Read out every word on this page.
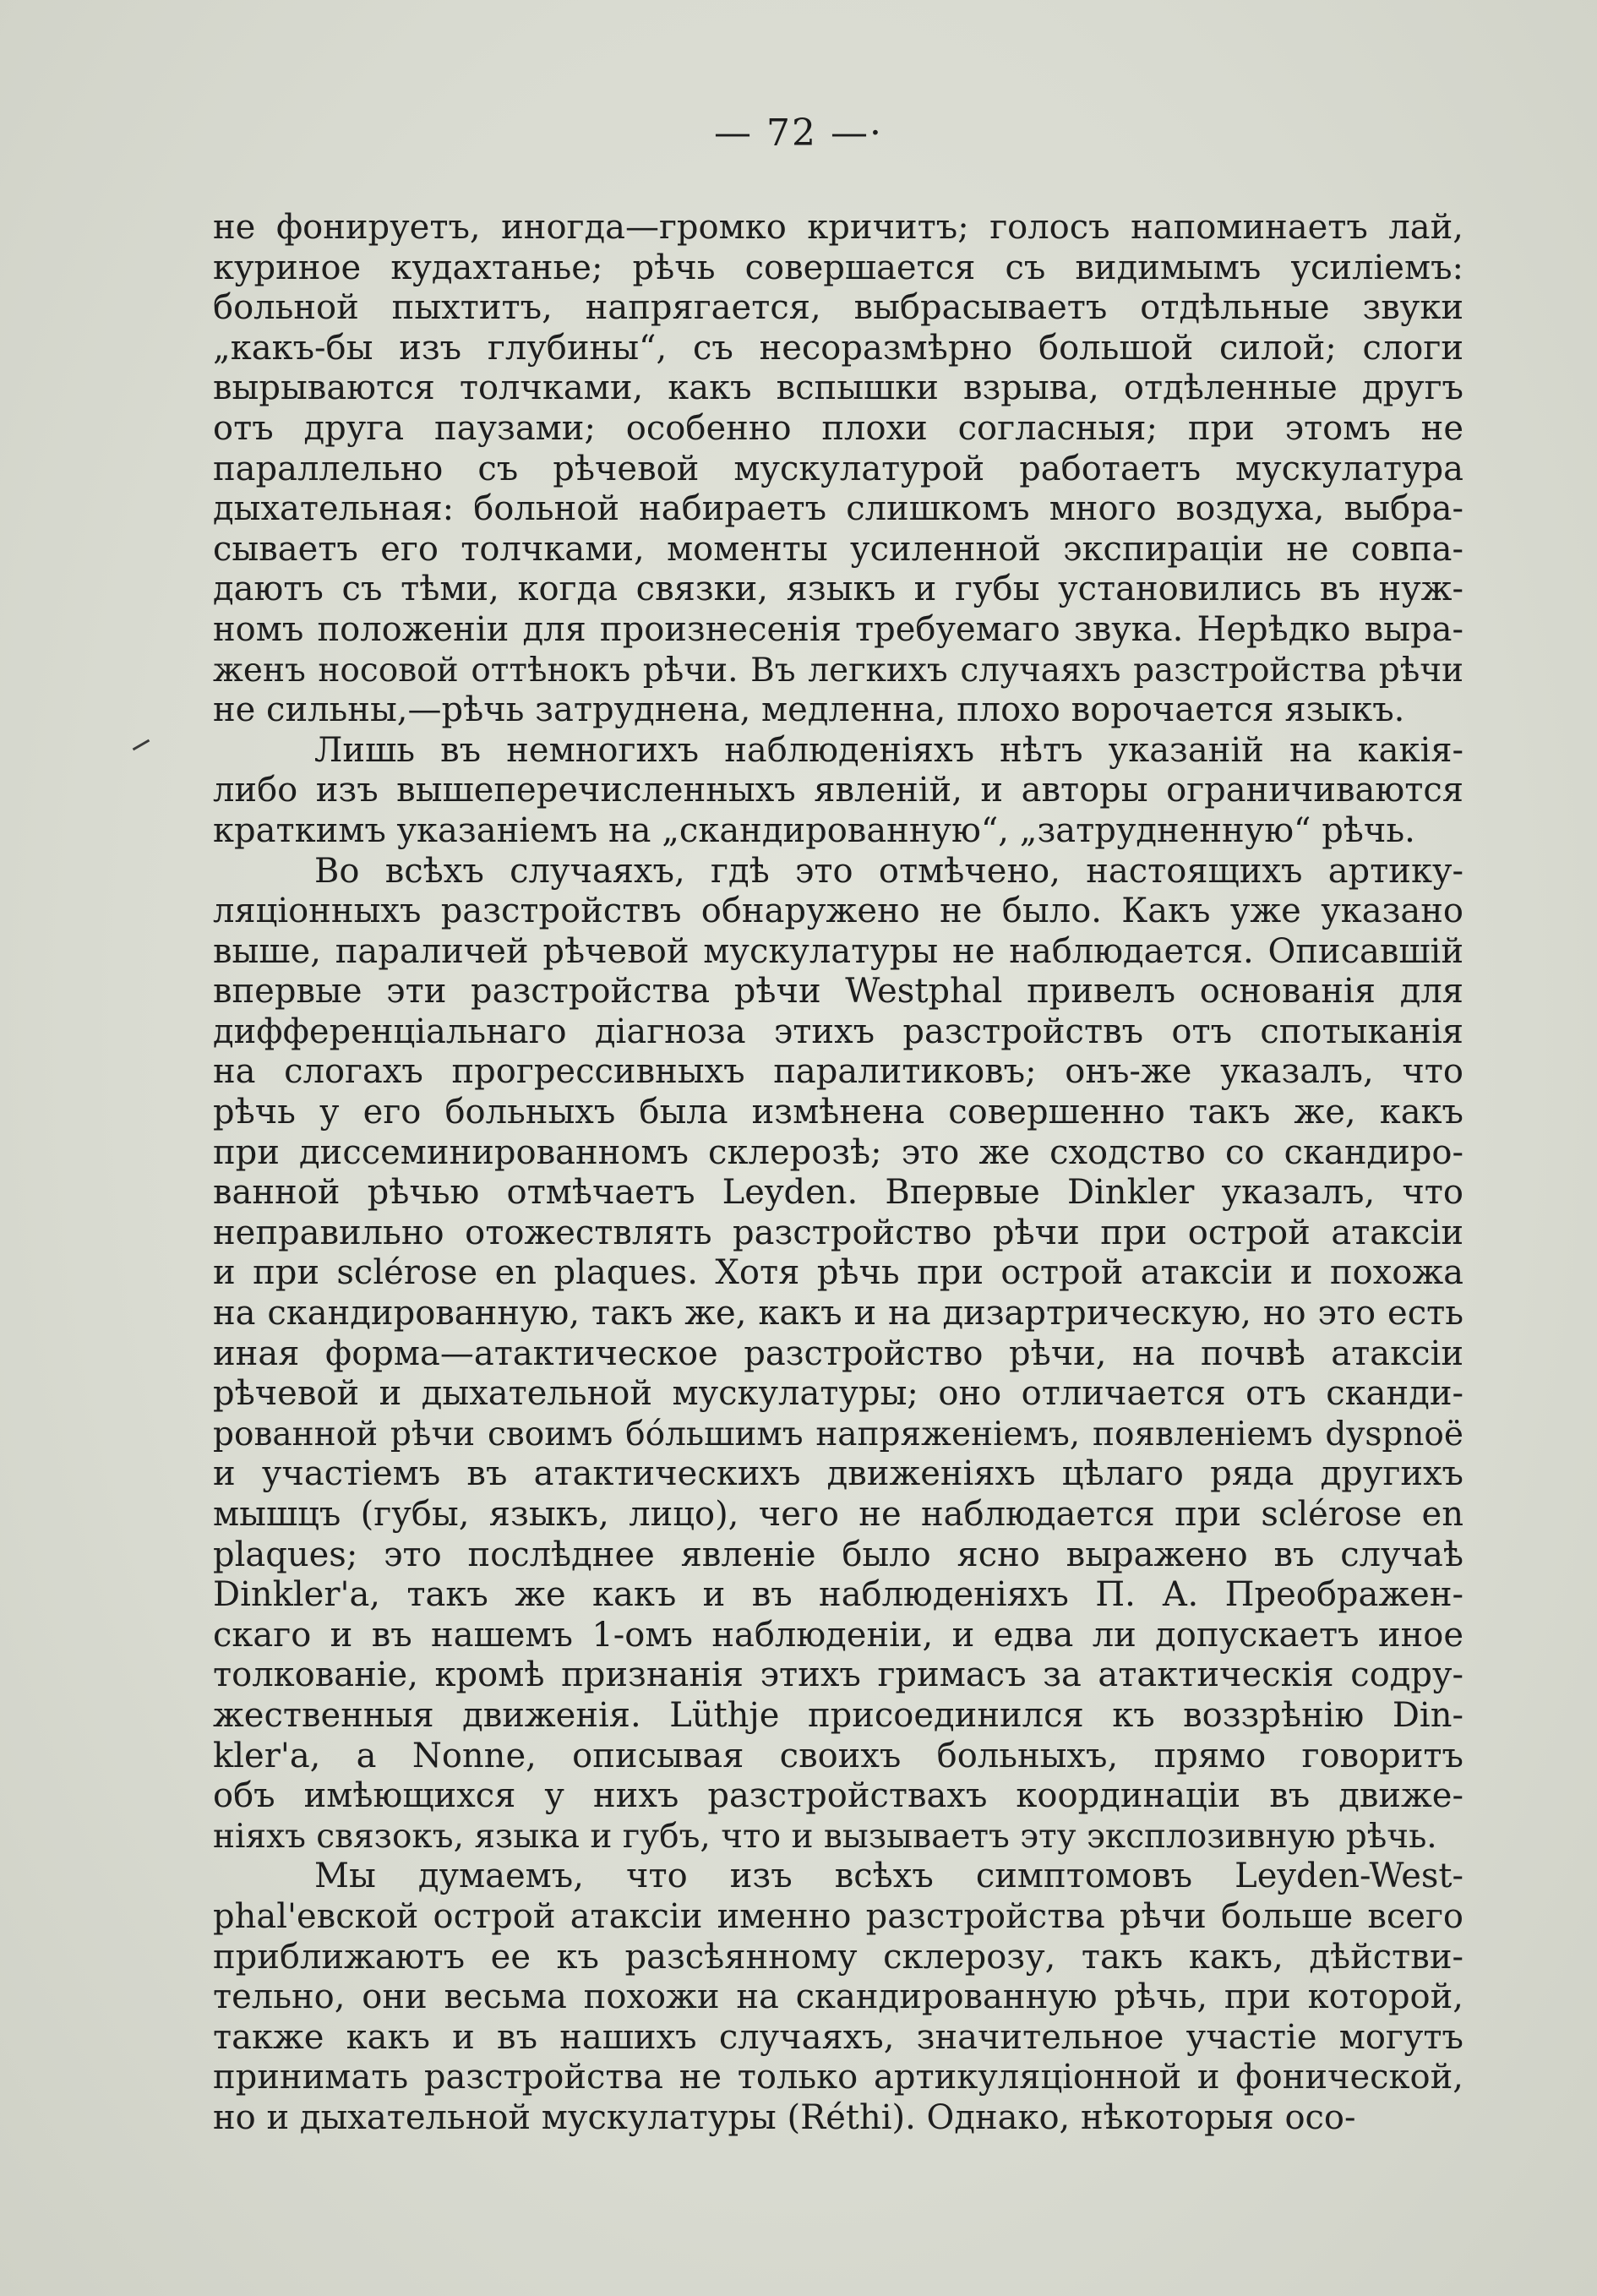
— 72 —·
не фонируетъ, иногда—громко кричитъ; голосъ напоминаетъ лай,
куриное кудахтанье; рѣчь совершается съ видимымъ усиліемъ:
больной пыхтитъ, напрягается, выбрасываетъ отдѣльные звуки
„какъ-бы изъ глубины“, съ несоразмѣрно большой силой; слоги
вырываются толчками, какъ вспышки взрыва, отдѣленные другъ
отъ друга паузами; особенно плохи согласныя; при этомъ не
параллельно съ рѣчевой мускулатурой работаетъ мускулатура
дыхательная: больной набираетъ слишкомъ много воздуха, выбра-
сываетъ его толчками, моменты усиленной экспираціи не совпа-
даютъ съ тѣми, когда связки, языкъ и губы установились въ нуж-
номъ положеніи для произнесенія требуемаго звука. Нерѣдко выра-
женъ носовой оттѣнокъ рѣчи. Въ легкихъ случаяхъ разстройства рѣчи
не сильны,—рѣчь затруднена, медленна, плохо ворочается языкъ.
Лишь въ немногихъ наблюденіяхъ нѣтъ указаній на какія-
либо изъ вышеперечисленныхъ явленій, и авторы ограничиваются
краткимъ указаніемъ на „скандированную“, „затрудненную“ рѣчь.
Во всѣхъ случаяхъ, гдѣ это отмѣчено, настоящихъ артику-
ляціонныхъ разстройствъ обнаружено не было. Какъ уже указано
выше, параличей рѣчевой мускулатуры не наблюдается. Описавшій
впервые эти разстройства рѣчи Westphal привелъ основанія для
дифференціальнаго діагноза этихъ разстройствъ отъ спотыканія
на слогахъ прогрессивныхъ паралитиковъ; онъ-же указалъ, что
рѣчь у его больныхъ была измѣнена совершенно такъ же, какъ
при диссеминированномъ склерозѣ; это же сходство со скандиро-
ванной рѣчью отмѣчаетъ Leyden. Впервые Dinkler указалъ, что
неправильно отожествлять разстройство рѣчи при острой атаксіи
и при sclérose en plaques. Хотя рѣчь при острой атаксіи и похожа
на скандированную, такъ же, какъ и на дизартрическую, но это есть
иная форма—атактическое разстройство рѣчи, на почвѣ атаксіи
рѣчевой и дыхательной мускулатуры; оно отличается отъ сканди-
рованной рѣчи своимъ бо́льшимъ напряженіемъ, появленіемъ dyspnoë
и участіемъ въ атактическихъ движеніяхъ цѣлаго ряда другихъ
мышцъ (губы, языкъ, лицо), чего не наблюдается при sclérose en
plaques; это послѣднее явленіе было ясно выражено въ случаѣ
Dinkler'а, такъ же какъ и въ наблюденіяхъ П. А. Преображен-
скаго и въ нашемъ 1-омъ наблюденіи, и едва ли допускаетъ иное
толкованіе, кромѣ признанія этихъ гримасъ за атактическія содру-
жественныя движенія. Lüthje присоединился къ воззрѣнію Din-
kler'а, а Nonne, описывая своихъ больныхъ, прямо говоритъ
объ имѣющихся у нихъ разстройствахъ координаціи въ движе-
ніяхъ связокъ, языка и губъ, что и вызываетъ эту эксплозивную рѣчь.
Мы думаемъ, что изъ всѣхъ симптомовъ Leyden-West-
phal'евской острой атаксіи именно разстройства рѣчи больше всего
приближаютъ ее къ разсѣянному склерозу, такъ какъ, дѣйстви-
тельно, они весьма похожи на скандированную рѣчь, при которой,
также какъ и въ нашихъ случаяхъ, значительное участіе могутъ
принимать разстройства не только артикуляціонной и фонической,
но и дыхательной мускулатуры (Réthi). Однако, нѣкоторыя осо-
